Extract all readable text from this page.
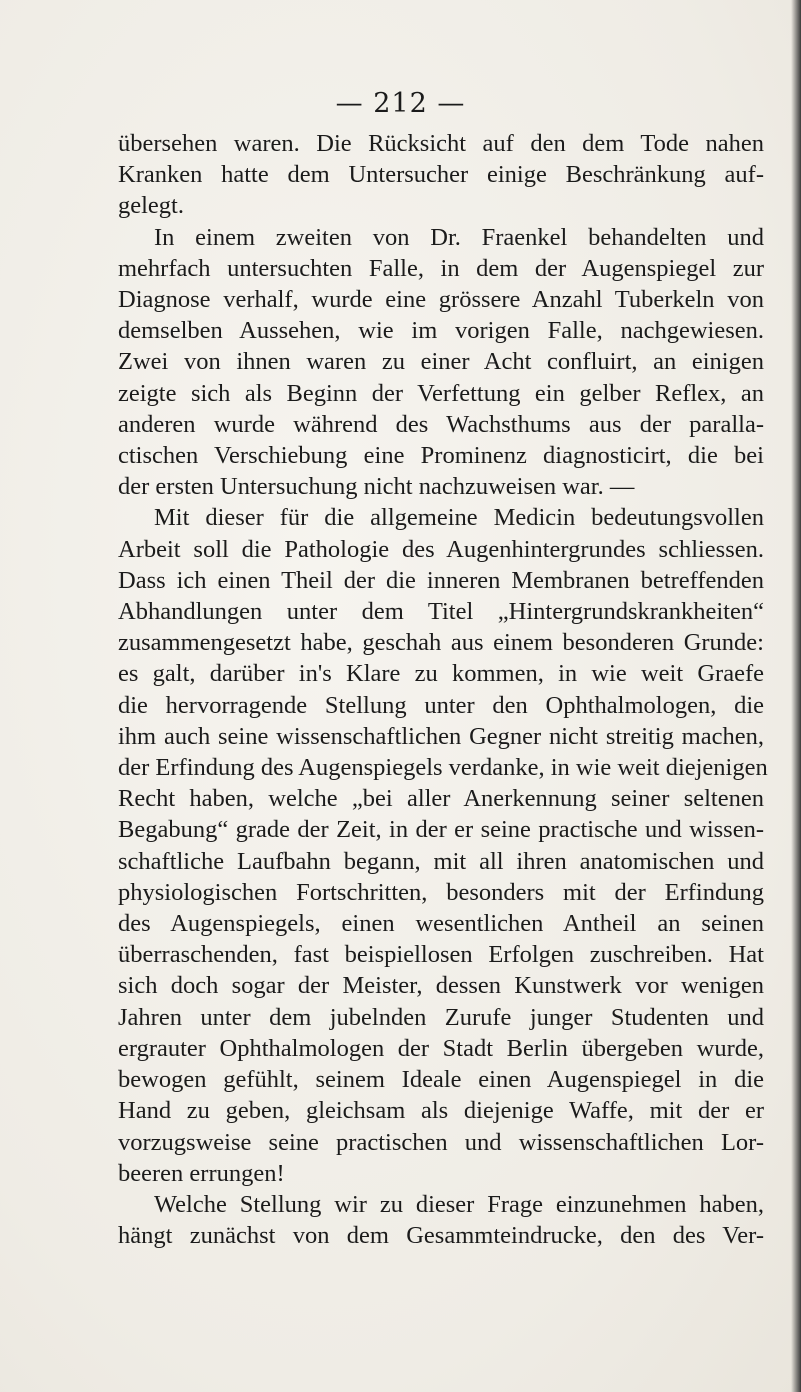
— 212 —
übersehen waren. Die Rücksicht auf den dem Tode nahen
Kranken hatte dem Untersucher einige Beschränkung auf-
gelegt.
In einem zweiten von Dr. Fraenkel behandelten und
mehrfach untersuchten Falle, in dem der Augenspiegel zur
Diagnose verhalf, wurde eine grössere Anzahl Tuberkeln von
demselben Aussehen, wie im vorigen Falle, nachgewiesen.
Zwei von ihnen waren zu einer Acht confluirt, an einigen
zeigte sich als Beginn der Verfettung ein gelber Reflex, an
anderen wurde während des Wachsthums aus der paralla-
ctischen Verschiebung eine Prominenz diagnosticirt, die bei
der ersten Untersuchung nicht nachzuweisen war. —
Mit dieser für die allgemeine Medicin bedeutungsvollen
Arbeit soll die Pathologie des Augenhintergrundes schliessen.
Dass ich einen Theil der die inneren Membranen betreffenden
Abhandlungen unter dem Titel „Hintergrundskrankheiten“
zusammengesetzt habe, geschah aus einem besonderen Grunde:
es galt, darüber in's Klare zu kommen, in wie weit Graefe
die hervorragende Stellung unter den Ophthalmologen, die
ihm auch seine wissenschaftlichen Gegner nicht streitig machen,
der Erfindung des Augenspiegels verdanke, in wie weit diejenigen
Recht haben, welche „bei aller Anerkennung seiner seltenen
Begabung“ grade der Zeit, in der er seine practische und wissen-
schaftliche Laufbahn begann, mit all ihren anatomischen und
physiologischen Fortschritten, besonders mit der Erfindung
des Augenspiegels, einen wesentlichen Antheil an seinen
überraschenden, fast beispiellosen Erfolgen zuschreiben. Hat
sich doch sogar der Meister, dessen Kunstwerk vor wenigen
Jahren unter dem jubelnden Zurufe junger Studenten und
ergrauter Ophthalmologen der Stadt Berlin übergeben wurde,
bewogen gefühlt, seinem Ideale einen Augenspiegel in die
Hand zu geben, gleichsam als diejenige Waffe, mit der er
vorzugsweise seine practischen und wissenschaftlichen Lor-
beeren errungen!
Welche Stellung wir zu dieser Frage einzunehmen haben,
hängt zunächst von dem Gesammteindrucke, den des Ver-
